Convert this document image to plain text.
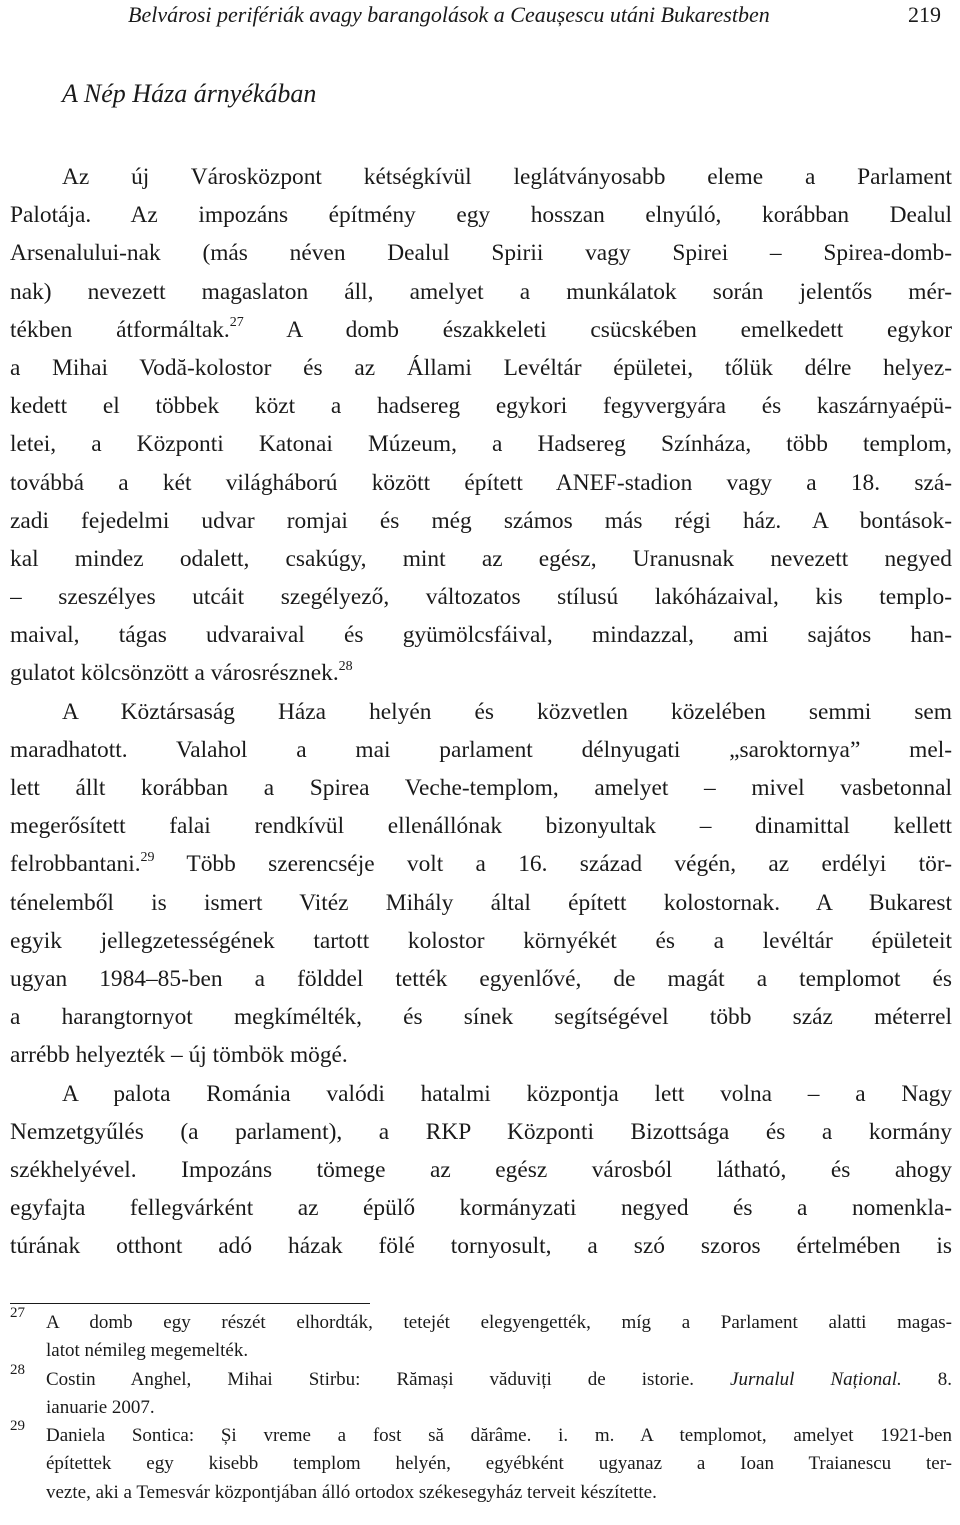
Belvárosi perifériák avagy barangolások a Ceaușescu utáni Bukarestben	219
A Nép Háza árnyékában
Az új Városközpont kétségkívül leglátványosabb eleme a Parlament
Palotája. Az impozáns építmény egy hosszan elnyúló, korábban Dealul
Arsenalului-nak (más néven Dealul Spirii vagy Spirei – Spirea-domb-
nak) nevezett magaslaton áll, amelyet a munkálatok során jelentős mér-
tékben átformáltak.$^{27}$ A domb északkeleti csücskében emelkedett egykor
a Mihai Vodă-kolostor és az Állami Levéltár épületei, tőlük délre helyez-
kedett el többek közt a hadsereg egykori fegyvergyára és kaszárnyaépü-
letei, a Központi Katonai Múzeum, a Hadsereg Színháza, több templom,
továbbá a két világháború között épített ANEF-stadion vagy a 18. szá-
zadi fejedelmi udvar romjai és még számos más régi ház. A bontások-
kal mindez odalett, csakúgy, mint az egész, Uranusnak nevezett negyed
– szeszélyes utcáit szegélyező, változatos stílusú lakóházaival, kis templo-
maival, tágas udvaraival és gyümölcsfáival, mindazzal, ami sajátos han-
gulatot kölcsönzött a városrésznek.$^{28}$
A Köztársaság Háza helyén és közvetlen közelében semmi sem
maradhatott. Valahol a mai parlament délnyugati „saroktornya” mel-
lett állt korábban a Spirea Veche-templom, amelyet – mivel vasbetonnal
megerősített falai rendkívül ellenállónak bizonyultak – dinamittal kellett
felrobbantani.$^{29}$ Több szerencséje volt a 16. század végén, az erdélyi tör-
ténelemből is ismert Vitéz Mihály által épített kolostornak. A Bukarest
egyik jellegzetességének tartott kolostor környékét és a levéltár épületeit
ugyan 1984–85-ben a földdel tették egyenlővé, de magát a templomot és
a harangtornyot megkímélték, és sínek segítségével több száz méterrel
arrébb helyezték – új tömbök mögé.
A palota Románia valódi hatalmi központja lett volna – a Nagy
Nemzetgyűlés (a parlament), a RKP Központi Bizottsága és a kormány
székhelyével. Impozáns tömege az egész városból látható, és ahogy
egyfajta fellegvárként az épülő kormányzati negyed és a nomenkla-
túrának otthont adó házak fölé tornyosult, a szó szoros értelmében is
27	A domb egy részét elhordták, tetejét elegyengették, míg a Parlament alatti magas-
latot némileg megemelték.
28	Costin Anghel, Mihai Stirbu: Rămași văduviți de istorie. Jurnalul Național. 8.
ianuarie 2007.
29	Daniela Sontica: Și vreme a fost să dărâme. i. m. A templomot, amelyet 1921-ben
építettek egy kisebb templom helyén, egyébként ugyanaz a Ioan Traianescu ter-
vezte, aki a Temesvár központjában álló ortodox székesegyház terveit készítette.
